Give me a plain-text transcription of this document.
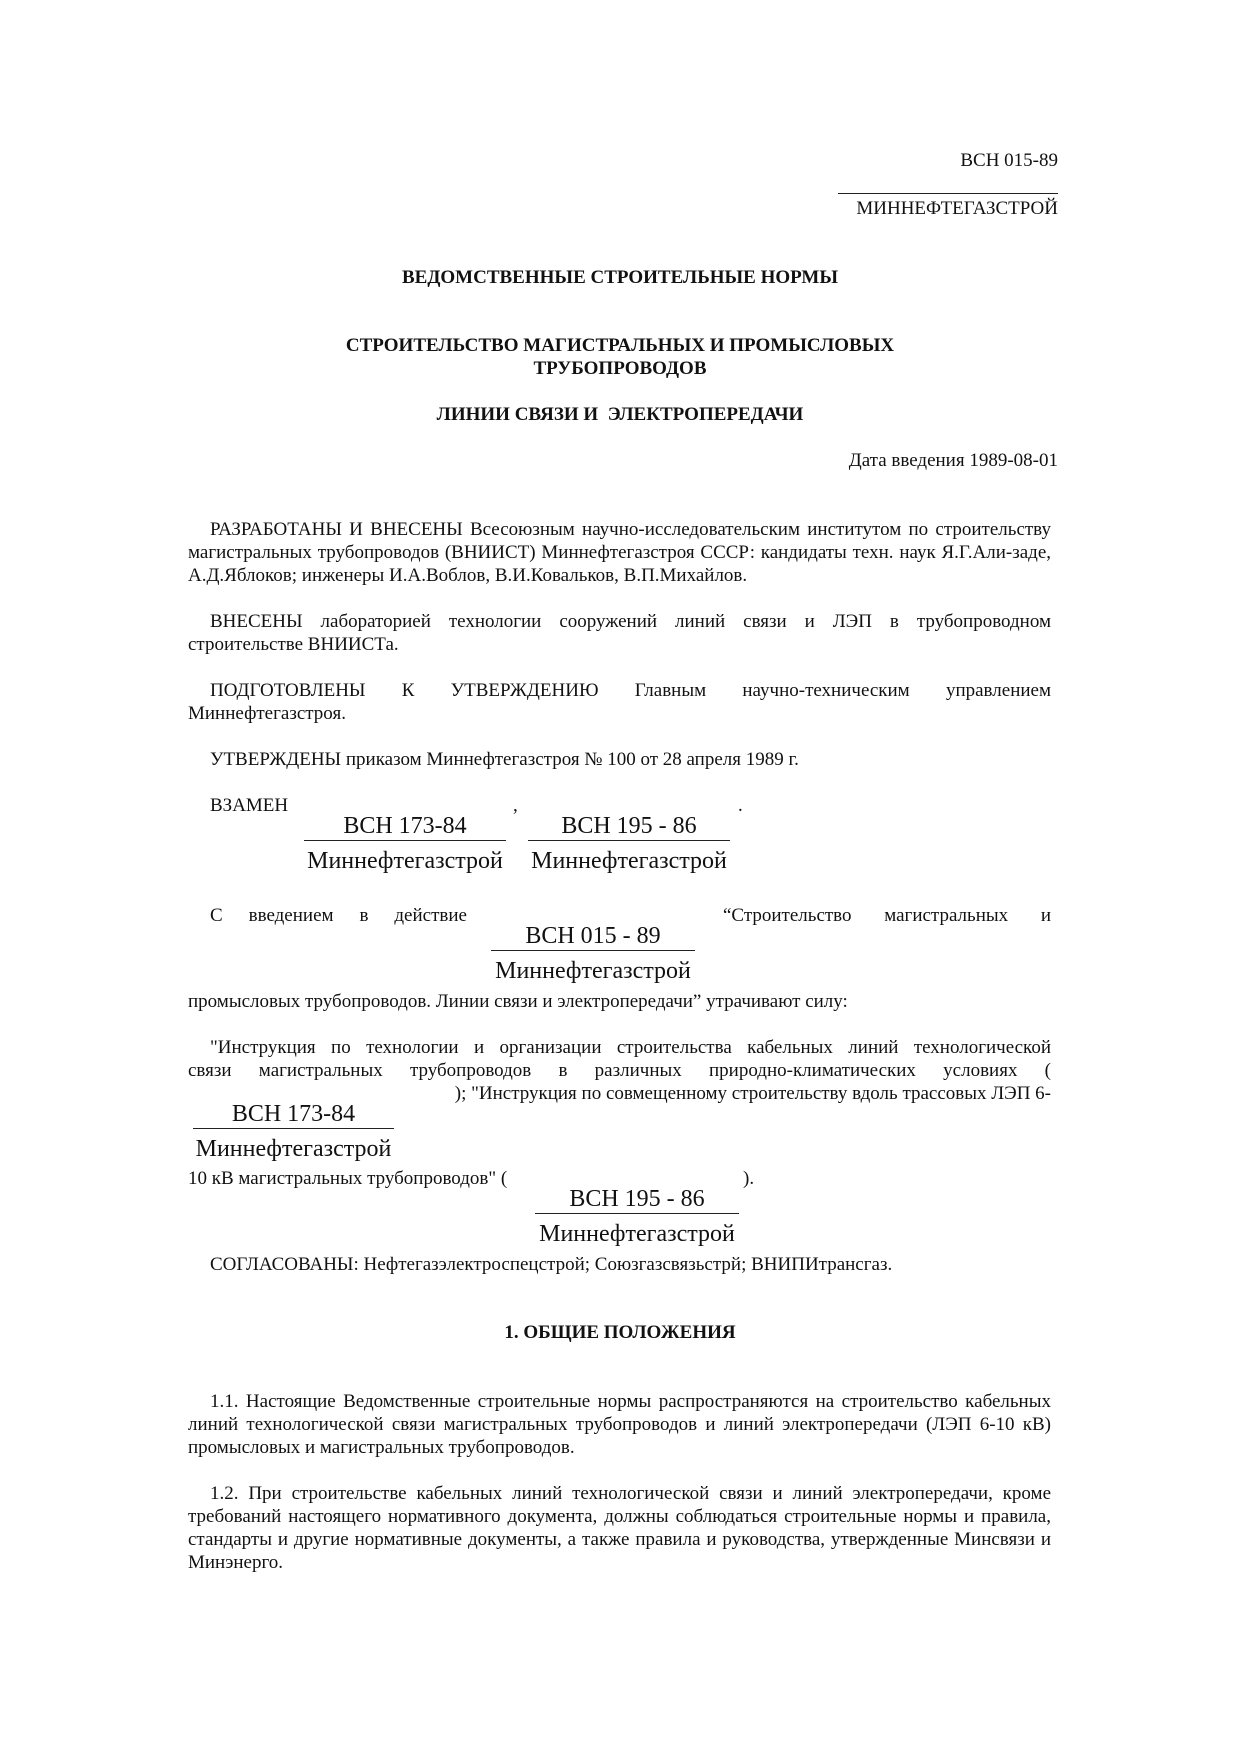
ВСН 015-89
МИННЕФТЕГАЗСТРОЙ
ВЕДОМСТВЕННЫЕ СТРОИТЕЛЬНЫЕ НОРМЫ
СТРОИТЕЛЬСТВО МАГИСТРАЛЬНЫХ И ПРОМЫСЛОВЫХ
ТРУБОПРОВОДОВ
ЛИНИИ СВЯЗИ И  ЭЛЕКТРОПЕРЕДАЧИ
Дата введения 1989-08-01
РАЗРАБОТАНЫ И ВНЕСЕНЫ Всесоюзным научно-исследовательским институтом по строительству магистральных трубопроводов (ВНИИСТ) Миннефтегазстроя СССР: кандидаты техн. наук Я.Г.Али-заде, А.Д.Яблоков; инженеры И.А.Воблов, В.И.Ковальков, В.П.Михайлов.
ВНЕСЕНЫ лабораторией технологии сооружений линий связи и ЛЭП в трубопроводном строительстве ВНИИСТа.
ПОДГОТОВЛЕНЫ К УТВЕРЖДЕНИЮ Главным научно-техническим управлением Миннефтегазстроя.
УТВЕРЖДЕНЫ приказом Миннефтегазстроя № 100 от 28 апреля 1989 г.
ВЗАМЕН	,	.
ВСН 173-84
Миннефтегазстрой
ВСН 195 - 86
Миннефтегазстрой
С введением в действие	“Строительство магистральных и
ВСН 015 - 89
Миннефтегазстрой
промысловых трубопроводов. Линии связи и электропередачи” утрачивают силу:
"Инструкция по технологии и организации строительства кабельных линий технологической
связи магистральных трубопроводов в различных природно-климатических условиях (
); "Инструкция по совмещенному строительству вдоль трассовых ЛЭП 6-
ВСН 173-84
Миннефтегазстрой
10 кВ магистральных трубопроводов" (	).
ВСН 195 - 86
Миннефтегазстрой
СОГЛАСОВАНЫ: Нефтегазэлектроспецстрой; Союзгазсвязьстрй; ВНИПИтрансгаз.
1. ОБЩИЕ ПОЛОЖЕНИЯ
1.1. Настоящие Ведомственные строительные нормы распространяются на строительство кабельных линий технологической связи магистральных трубопроводов и линий электропередачи (ЛЭП 6-10 кВ) промысловых и магистральных трубопроводов.
1.2. При строительстве кабельных линий технологической связи и линий электропередачи, кроме требований настоящего нормативного документа, должны соблюдаться строительные нормы и правила, стандарты и другие нормативные документы, а также правила и руководства, утвержденные Минсвязи и Минэнерго.
